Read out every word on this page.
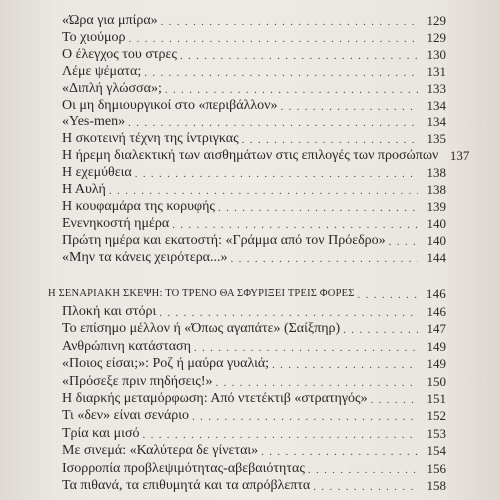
«Ώρα για μπίρα» . . .	129
Το χιούμορ . . .	129
Ο έλεγχος του στρες . . .	130
Λέμε ψέματα; . . .	131
«Διπλή γλώσσα»; . . .	133
Οι μη δημιουργικοί στο «περιβάλλον» . . .	134
«Yes-men» . . .	134
Η σκοτεινή τέχνη της ίντριγκας . . .	135
Η ήρεμη διαλεκτική των αισθημάτων στις επιλογές των προσώπων 137
Η εχεμύθεια . . .	138
Η Αυλή . . .	138
Η κουφαμάρα της κορυφής . . .	139
Ενενηκοστή ημέρα . . .	140
Πρώτη ημέρα και εκατοστή: «Γράμμα από τον Πρόεδρο» . . .	140
«Μην τα κάνεις χειρότερα...» . . .	144
Η ΣΕΝΑΡΙΑΚΗ ΣΚΕΨΗ: ΤΟ ΤΡΕΝΟ ΘΑ ΣΦΥΡΙΞΕΙ ΤΡΕΙΣ ΦΟΡΕΣ . . .	146
Πλοκή και στόρι . . .	146
Το επίσημο μέλλον ή «Όπως αγαπάτε» (Σαίξπηρ) . . .	147
Ανθρώπινη κατάσταση . . .	149
«Ποιος είσαι;»: Ροζ ή μαύρα γυαλιά; . . .	149
«Πρόσεξε πριν πηδήσεις!» . . .	150
Η διαρκής μεταμόρφωση: Από ντετέκτιβ «στρατηγός» . . .	151
Τι «δεν» είναι σενάριο . . .	152
Τρία και μισό . . .	153
Με σινεμά: «Καλύτερα δε γίνεται» . . .	154
Ισορροπία προβλεψιμότητας-αβεβαιότητας . . .	156
Τα πιθανά, τα επιθυμητά και τα απρόβλεπτα . . .	158
